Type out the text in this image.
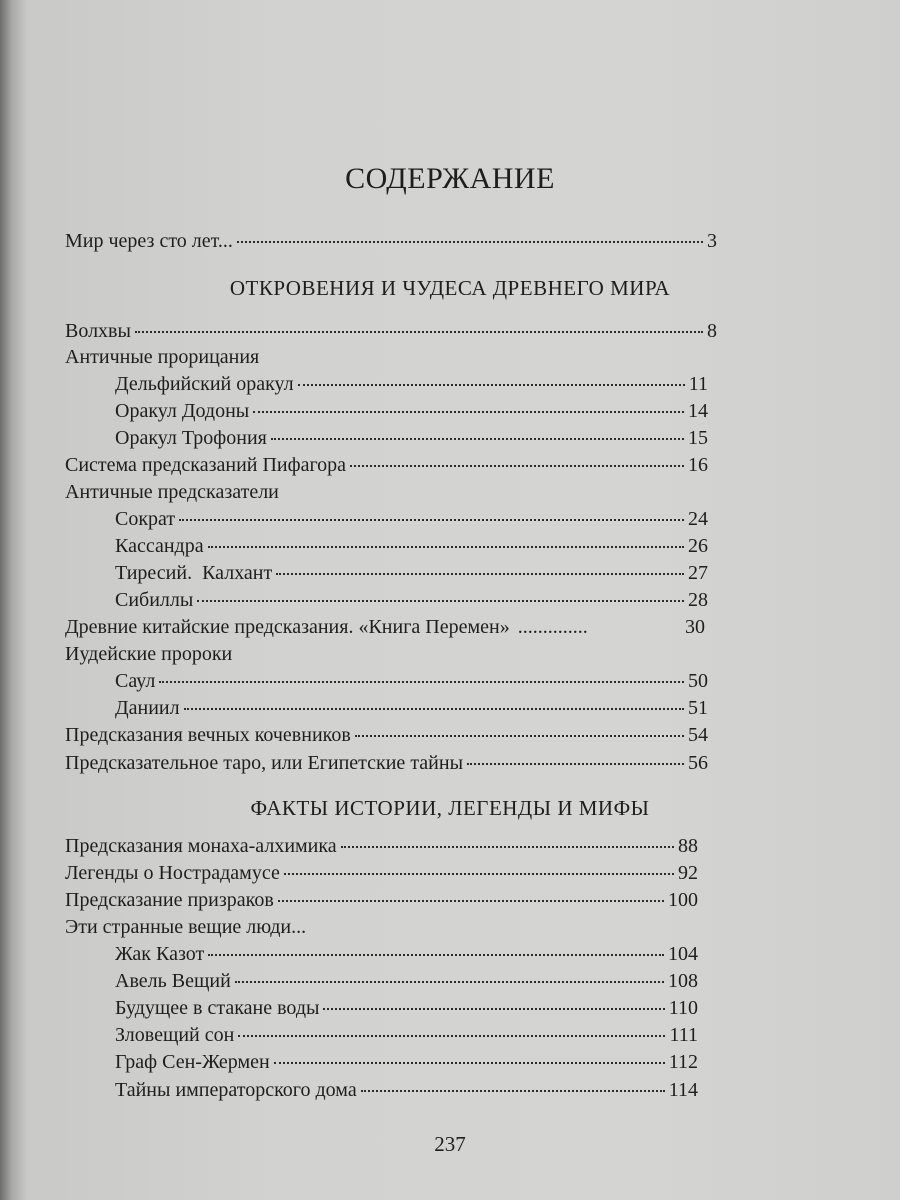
СОДЕРЖАНИЕ
Мир через сто лет...	3
ОТКРОВЕНИЯ И ЧУДЕСА ДРЕВНЕГО МИРА
Волхвы	8
Античные прорицания
Дельфийский оракул	11
Оракул Додоны	14
Оракул Трофония	15
Система предсказаний Пифагора	16
Античные предсказатели
Сократ	24
Кассандра	26
Тиресий.  Калхант	27
Сибиллы	28
Древние китайские предсказания. «Книга Перемен» ..............	30
Иудейские пророки
Саул	50
Даниил	51
Предсказания вечных кочевников	54
Предсказательное таро, или Египетские тайны	56
ФАКТЫ ИСТОРИИ, ЛЕГЕНДЫ И МИФЫ
Предсказания монаха-алхимика	88
Легенды о Нострадамусе	92
Предсказание призраков	100
Эти странные вещие люди...
Жак Казот	104
Авель Вещий	108
Будущее в стакане воды	110
Зловещий сон	111
Граф Сен-Жермен	112
Тайны императорского дома	114
237
